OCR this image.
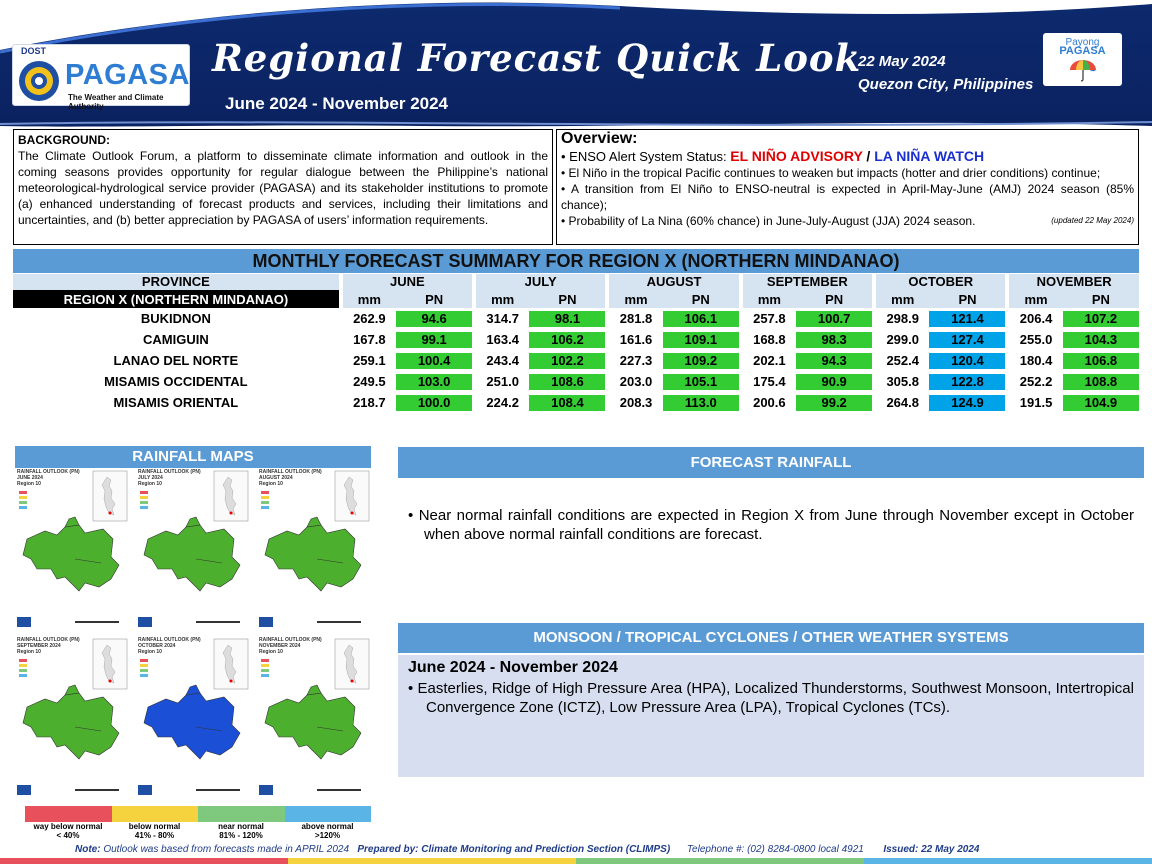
DOST
PAGASA
The Weather and Climate Authority
Regional Forecast Quick Look
June 2024 - November 2024
22 May 2024
Quezon City, Philippines
Payong
PAGASA
BACKGROUND:
The Climate Outlook Forum, a platform to disseminate climate information and outlook in the coming seasons provides opportunity for regular dialogue between the Philippine’s national meteorological-hydrological service provider (PAGASA) and its stakeholder institutions to promote (a) enhanced understanding of forecast products and services, including their limitations and uncertainties, and (b) better appreciation by PAGASA of users’ information requirements.
Overview:
• ENSO Alert System Status: EL NIÑO ADVISORY / LA NIÑA WATCH
• El Niño in the tropical Pacific continues to weaken but impacts (hotter and drier conditions) continue;
• A transition from El Niño to ENSO-neutral is expected in April-May-June (AMJ) 2024 season (85% chance);
• Probability of La Nina (60% chance) in June-July-August (JJA) 2024 season.	(updated 22 May 2024)
MONTHLY FORECAST SUMMARY FOR REGION X (NORTHERN MINDANAO)
PROVINCE		JUNE			JULY			AUGUST			SEPTEMBER			OCTOBER			NOVEMBER	
REGION X (NORTHERN MINDANAO)		mm	PN		mm	PN		mm	PN		mm	PN		mm	PN		mm	PN
BUKIDNON		262.9	94.6		314.7	98.1		281.8	106.1		257.8	100.7		298.9	121.4		206.4	107.2
CAMIGUIN		167.8	99.1		163.4	106.2		161.6	109.1		168.8	98.3		299.0	127.4		255.0	104.3
LANAO DEL NORTE		259.1	100.4		243.4	102.2		227.3	109.2		202.1	94.3		252.4	120.4		180.4	106.8
MISAMIS OCCIDENTAL		249.5	103.0		251.0	108.6		203.0	105.1		175.4	90.9		305.8	122.8		252.2	108.8
MISAMIS ORIENTAL		218.7	100.0		224.2	108.4		208.3	113.0		200.6	99.2		264.8	124.9		191.5	104.9
RAINFALL MAPS
RAINFALL OUTLOOK (PN)
JUNE 2024
Region 10
RAINFALL OUTLOOK (PN)
JULY 2024
Region 10
RAINFALL OUTLOOK (PN)
AUGUST 2024
Region 10
RAINFALL OUTLOOK (PN)
SEPTEMBER 2024
Region 10
RAINFALL OUTLOOK (PN)
OCTOBER 2024
Region 10
RAINFALL OUTLOOK (PN)
NOVEMBER 2024
Region 10
FORECAST RAINFALL
• Near normal rainfall conditions are expected in Region X from June through November except in October when above normal rainfall conditions are forecast.
MONSOON / TROPICAL CYCLONES / OTHER WEATHER SYSTEMS
June 2024 - November 2024
• Easterlies, Ridge of High Pressure Area (HPA), Localized Thunderstorms, Southwest Monsoon, Intertropical Convergence Zone (ICTZ), Low Pressure Area (LPA), Tropical Cyclones (TCs).
Note: Outlook was based from forecasts made in APRIL 2024 Prepared by: Climate Monitoring and Prediction Section (CLIMPS) Telephone #: (02) 8284-0800 local 4921 Issued: 22 May 2024
way below normal
< 40%
below normal
41% - 80%
near normal
81% - 120%
above normal
>120%
